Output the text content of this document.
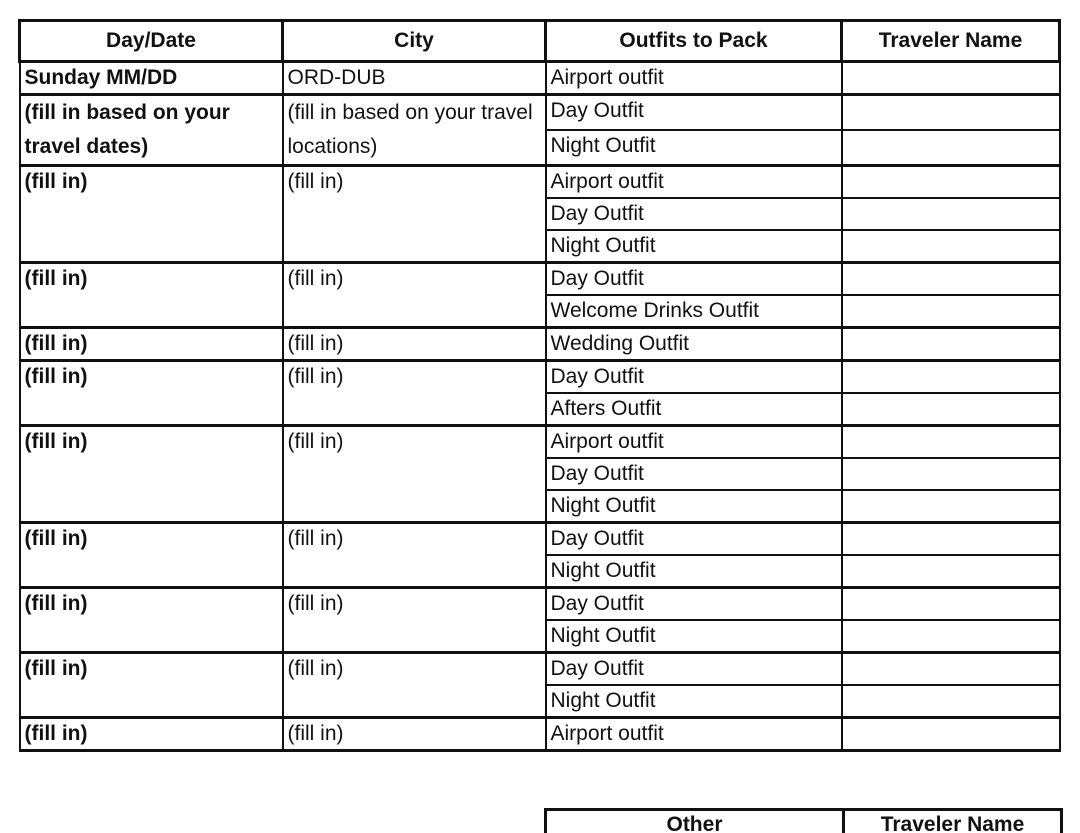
Day/Date	City	Outfits to Pack	Traveler Name
Sunday MM/DD	ORD-DUB	Airport outfit	
(fill in based on your travel dates)	(fill in based on your travel locations)	Day Outfit	
		Night Outfit	
(fill in)	(fill in)	Airport outfit	
		Day Outfit	
		Night Outfit	
(fill in)	(fill in)	Day Outfit	
		Welcome Drinks Outfit	
(fill in)	(fill in)	Wedding Outfit	
(fill in)	(fill in)	Day Outfit	
		Afters Outfit	
(fill in)	(fill in)	Airport outfit	
		Day Outfit	
		Night Outfit	
(fill in)	(fill in)	Day Outfit	
		Night Outfit	
(fill in)	(fill in)	Day Outfit	
		Night Outfit	
(fill in)	(fill in)	Day Outfit	
		Night Outfit	
(fill in)	(fill in)	Airport outfit	
Other	Traveler Name
